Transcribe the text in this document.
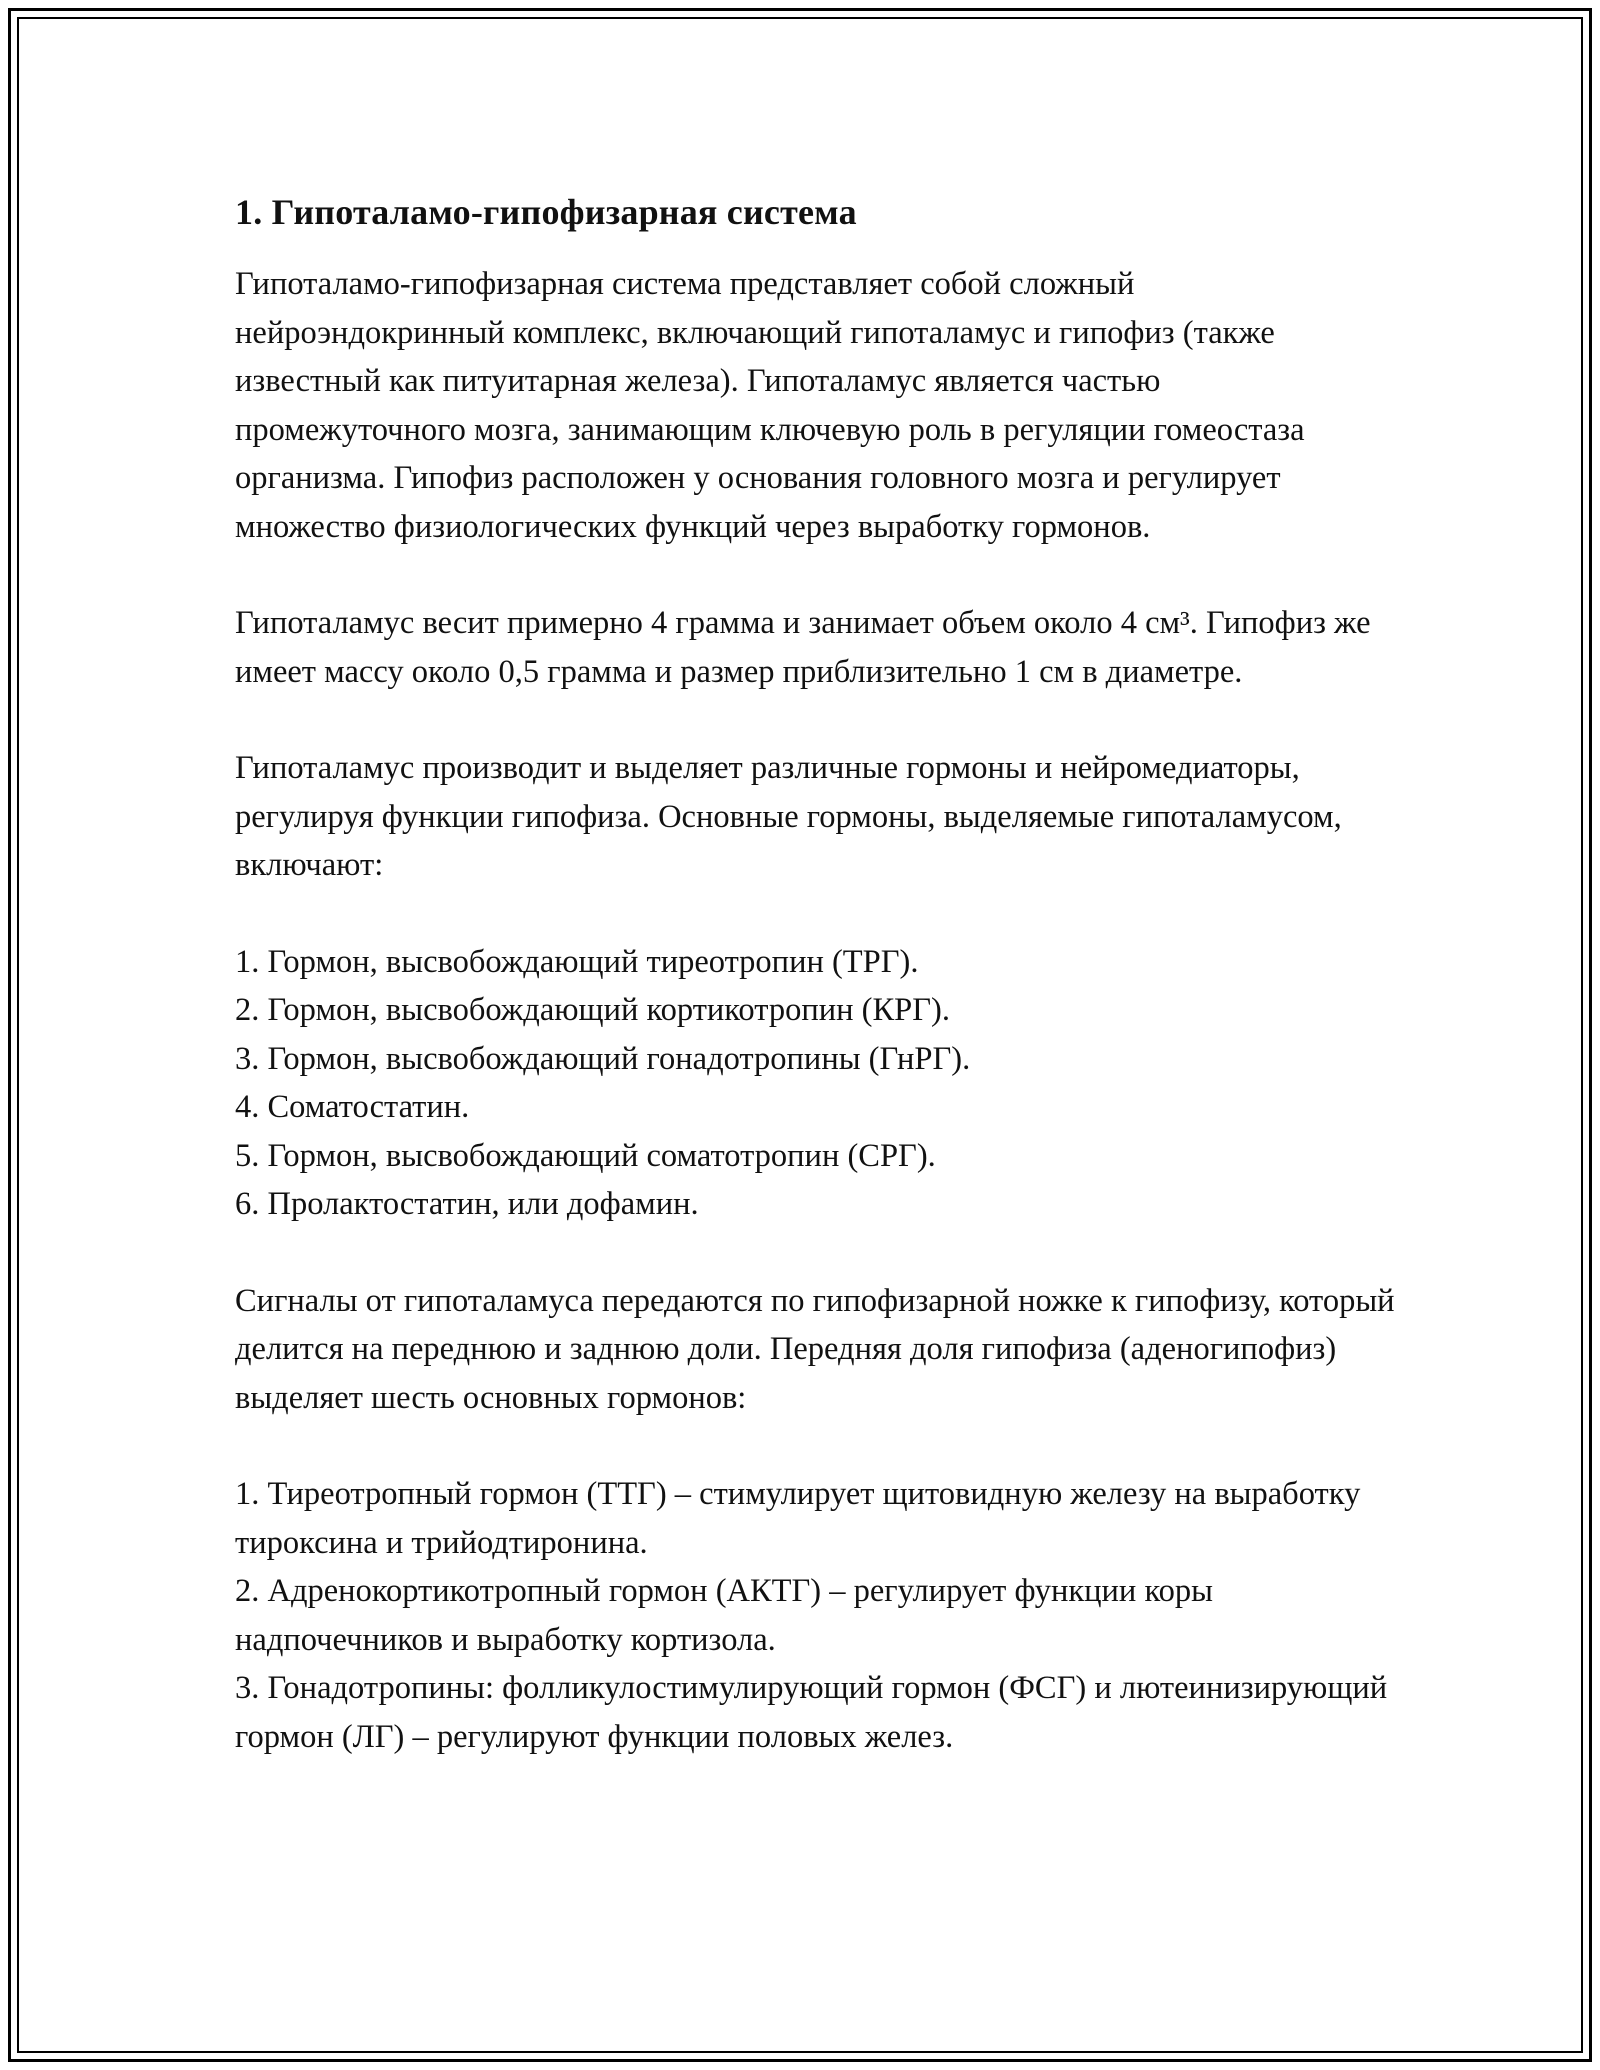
1. Гипоталамо-гипофизарная система

Гипоталамо-гипофизарная система представляет собой сложный нейроэндокринный комплекс, включающий гипоталамус и гипофиз (также известный как питуитарная железа). Гипоталамус является частью промежуточного мозга, занимающим ключевую роль в регуляции гомеостаза организма. Гипофиз расположен у основания головного мозга и регулирует множество физиологических функций через выработку гормонов.

Гипоталамус весит примерно 4 грамма и занимает объем около 4 см³. Гипофиз же имеет массу около 0,5 грамма и размер приблизительно 1 см в диаметре.

Гипоталамус производит и выделяет различные гормоны и нейромедиаторы, регулируя функции гипофиза. Основные гормоны, выделяемые гипоталамусом, включают:

1. Гормон, высвобождающий тиреотропин (ТРГ).
2. Гормон, высвобождающий кортикотропин (КРГ).
3. Гормон, высвобождающий гонадотропины (ГнРГ).
4. Соматостатин.
5. Гормон, высвобождающий соматотропин (СРГ).
6. Пролактостатин, или дофамин.

Сигналы от гипоталамуса передаются по гипофизарной ножке к гипофизу, который делится на переднюю и заднюю доли. Передняя доля гипофиза (аденогипофиз) выделяет шесть основных гормонов:

1. Тиреотропный гормон (ТТГ) – стимулирует щитовидную железу на выработку тироксина и трийодтиронина.
2. Адренокортикотропный гормон (АКТГ) – регулирует функции коры надпочечников и выработку кортизола.
3. Гонадотропины: фолликулостимулирующий гормон (ФСГ) и лютеинизирующий гормон (ЛГ) – регулируют функции половых желез.
